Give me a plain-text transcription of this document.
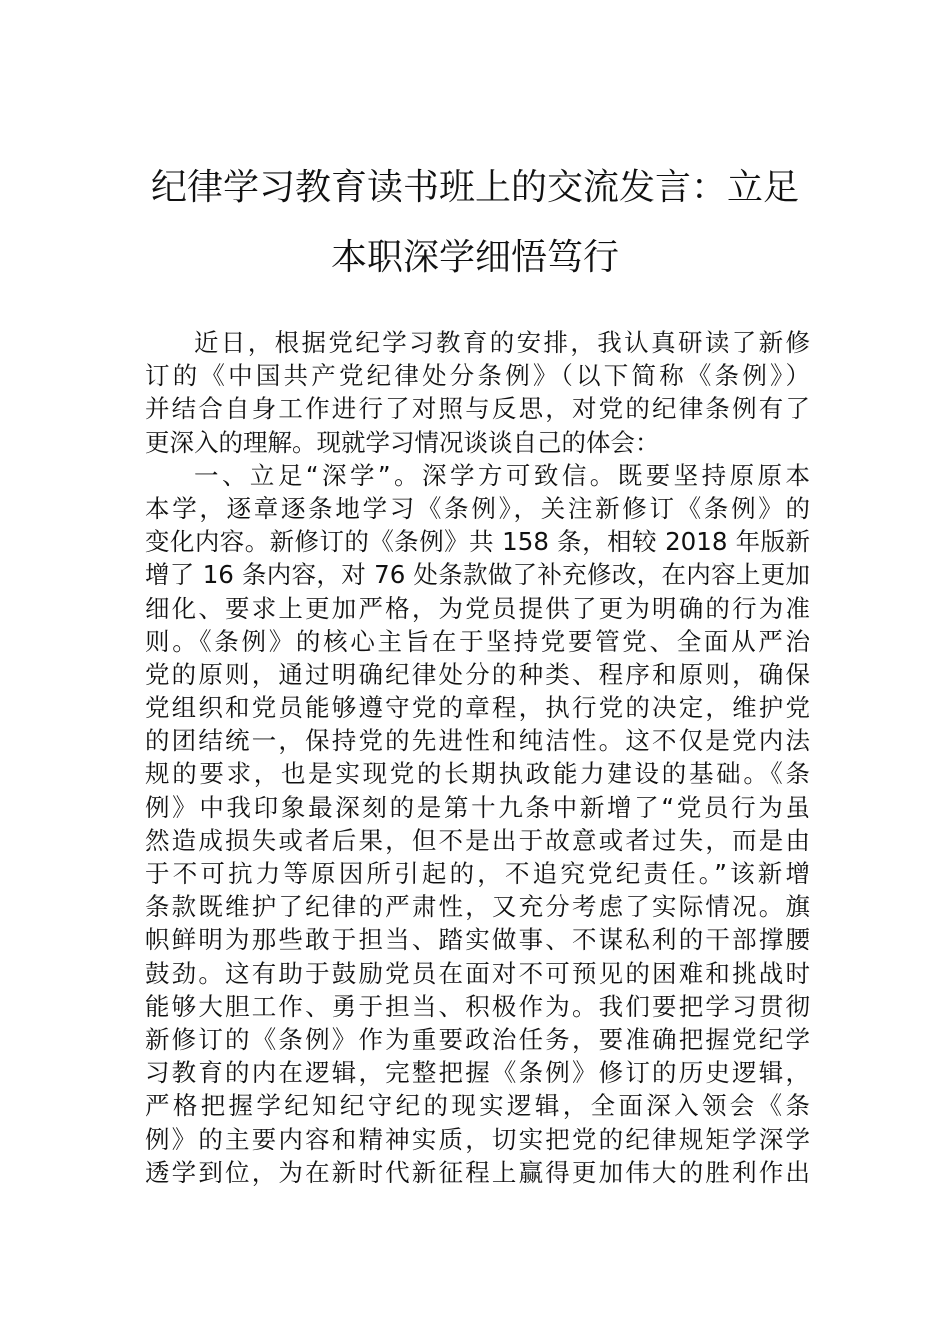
纪律学习教育读书班上的交流发言：立足
本职深学细悟笃行
近日，根据党纪学习教育的安排，我认真研读了新修
订的《中国共产党纪律处分条例》（以下简称《条例》）
并结合自身工作进行了对照与反思，对党的纪律条例有了
更深入的理解。现就学习情况谈谈自己的体会：
一、立足“深学”。深学方可致信。既要坚持原原本
本学，逐章逐条地学习《条例》，关注新修订《条例》的
变化内容。新修订的《条例》共 158 条，相较 2018 年版新
增了 16 条内容，对 76 处条款做了补充修改，在内容上更加
细化、要求上更加严格，为党员提供了更为明确的行为准
则。《条例》的核心主旨在于坚持党要管党、全面从严治
党的原则，通过明确纪律处分的种类、程序和原则，确保
党组织和党员能够遵守党的章程，执行党的决定，维护党
的团结统一，保持党的先进性和纯洁性。这不仅是党内法
规的要求，也是实现党的长期执政能力建设的基础。《条
例》中我印象最深刻的是第十九条中新增了“党员行为虽
然造成损失或者后果，但不是出于故意或者过失，而是由
于不可抗力等原因所引起的，不追究党纪责任。”该新增
条款既维护了纪律的严肃性，又充分考虑了实际情况。旗
帜鲜明为那些敢于担当、踏实做事、不谋私利的干部撑腰
鼓劲。这有助于鼓励党员在面对不可预见的困难和挑战时
能够大胆工作、勇于担当、积极作为。我们要把学习贯彻
新修订的《条例》作为重要政治任务，要准确把握党纪学
习教育的内在逻辑，完整把握《条例》修订的历史逻辑，
严格把握学纪知纪守纪的现实逻辑，全面深入领会《条
例》的主要内容和精神实质，切实把党的纪律规矩学深学
透学到位，为在新时代新征程上赢得更加伟大的胜利作出
